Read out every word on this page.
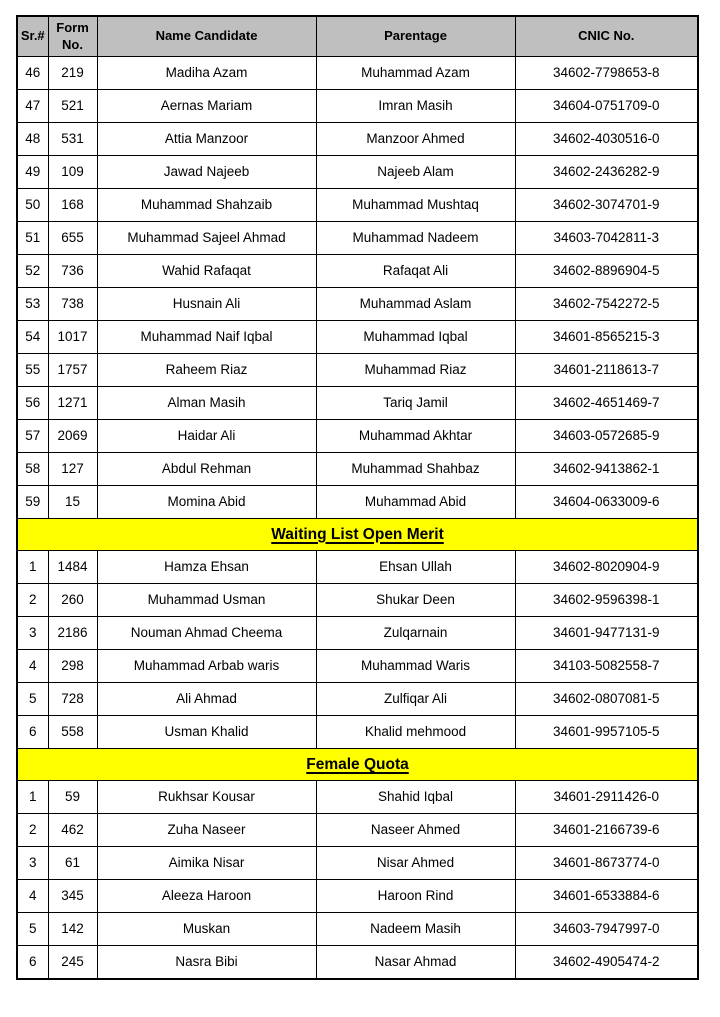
Sr.#	Form No.	Name Candidate	Parentage	CNIC No.
46	219	Madiha Azam	Muhammad Azam	34602-7798653-8
47	521	Aernas Mariam	Imran Masih	34604-0751709-0
48	531	Attia Manzoor	Manzoor Ahmed	34602-4030516-0
49	109	Jawad Najeeb	Najeeb Alam	34602-2436282-9
50	168	Muhammad Shahzaib	Muhammad Mushtaq	34602-3074701-9
51	655	Muhammad Sajeel Ahmad	Muhammad Nadeem	34603-7042811-3
52	736	Wahid Rafaqat	Rafaqat Ali	34602-8896904-5
53	738	Husnain Ali	Muhammad Aslam	34602-7542272-5
54	1017	Muhammad Naif Iqbal	Muhammad Iqbal	34601-8565215-3
55	1757	Raheem Riaz	Muhammad Riaz	34601-2118613-7
56	1271	Alman Masih	Tariq Jamil	34602-4651469-7
57	2069	Haidar Ali	Muhammad Akhtar	34603-0572685-9
58	127	Abdul Rehman	Muhammad Shahbaz	34602-9413862-1
59	15	Momina Abid	Muhammad Abid	34604-0633009-6
Waiting List Open Merit				
1	1484	Hamza Ehsan	Ehsan Ullah	34602-8020904-9
2	260	Muhammad Usman	Shukar Deen	34602-9596398-1
3	2186	Nouman Ahmad Cheema	Zulqarnain	34601-9477131-9
4	298	Muhammad Arbab waris	Muhammad Waris	34103-5082558-7
5	728	Ali Ahmad	Zulfiqar Ali	34602-0807081-5
6	558	Usman Khalid	Khalid mehmood	34601-9957105-5
Female Quota				
1	59	Rukhsar Kousar	Shahid Iqbal	34601-2911426-0
2	462	Zuha Naseer	Naseer Ahmed	34601-2166739-6
3	61	Aimika Nisar	Nisar Ahmed	34601-8673774-0
4	345	Aleeza Haroon	Haroon Rind	34601-6533884-6
5	142	Muskan	Nadeem Masih	34603-7947997-0
6	245	Nasra Bibi	Nasar Ahmad	34602-4905474-2
